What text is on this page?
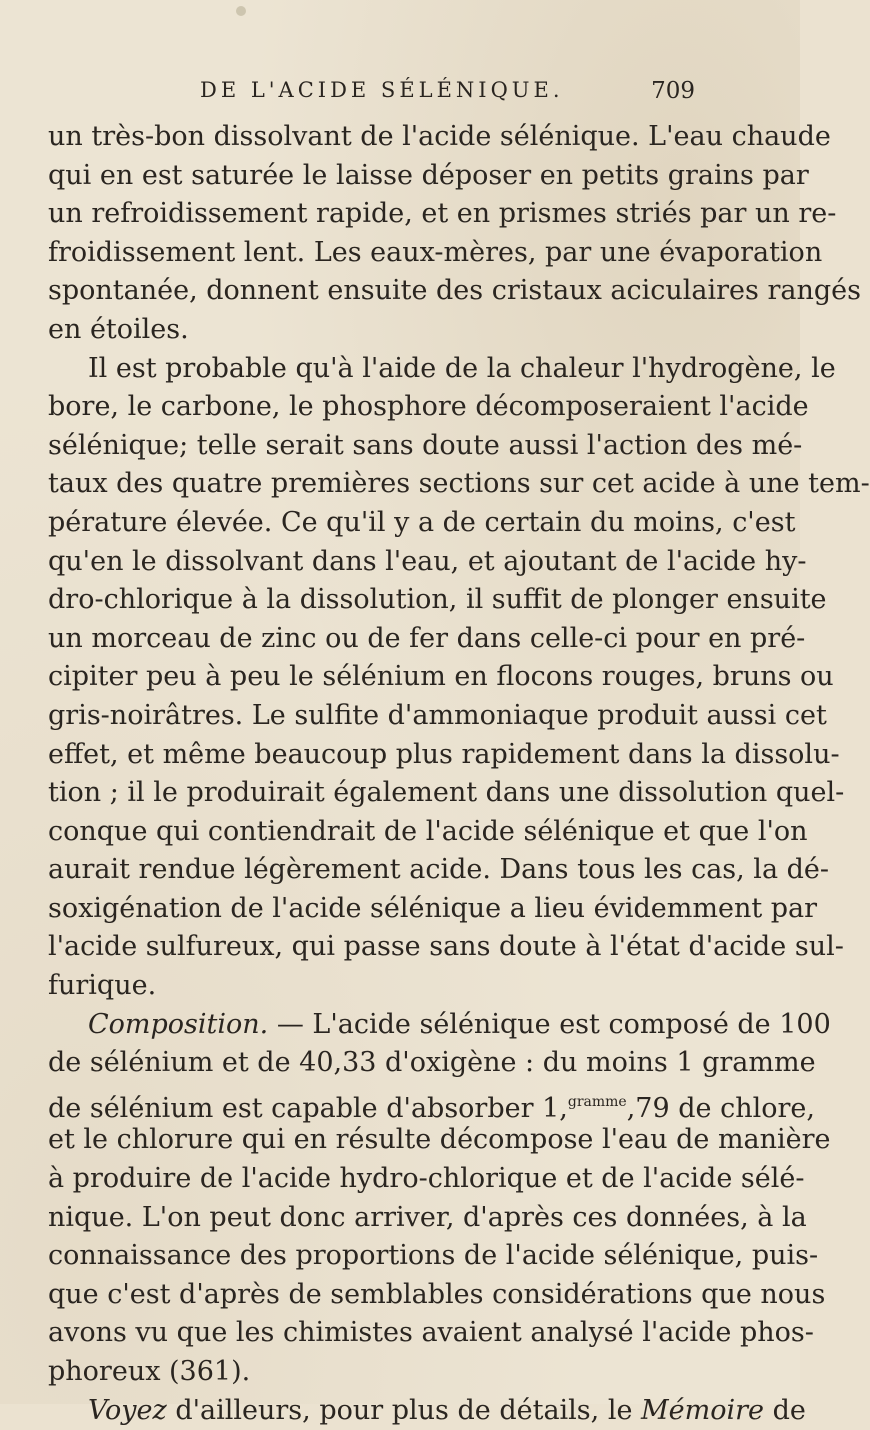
DE L'ACIDE SÉLÉNIQUE.	709
un très-bon dissolvant de l'acide sélénique. L'eau chaude
qui en est saturée le laisse déposer en petits grains par
un refroidissement rapide, et en prismes striés par un re-
froidissement lent. Les eaux-mères, par une évaporation
spontanée, donnent ensuite des cristaux aciculaires rangés
en étoiles.
Il est probable qu'à l'aide de la chaleur l'hydrogène, le
bore, le carbone, le phosphore décomposeraient l'acide
sélénique; telle serait sans doute aussi l'action des mé-
taux des quatre premières sections sur cet acide à une tem-
pérature élevée. Ce qu'il y a de certain du moins, c'est
qu'en le dissolvant dans l'eau, et ajoutant de l'acide hy-
dro-chlorique à la dissolution, il suffit de plonger ensuite
un morceau de zinc ou de fer dans celle-ci pour en pré-
cipiter peu à peu le sélénium en flocons rouges, bruns ou
gris-noirâtres. Le sulfite d'ammoniaque produit aussi cet
effet, et même beaucoup plus rapidement dans la dissolu-
tion ; il le produirait également dans une dissolution quel-
conque qui contiendrait de l'acide sélénique et que l'on
aurait rendue légèrement acide. Dans tous les cas, la dé-
soxigénation de l'acide sélénique a lieu évidemment par
l'acide sulfureux, qui passe sans doute à l'état d'acide sul-
furique.
Composition. — L'acide sélénique est composé de 100
de sélénium et de 40,33 d'oxigène : du moins 1 gramme
de sélénium est capable d'absorber 1,$^{gramme}$,79 de chlore,
et le chlorure qui en résulte décompose l'eau de manière
à produire de l'acide hydro-chlorique et de l'acide sélé-
nique. L'on peut donc arriver, d'après ces données, à la
connaissance des proportions de l'acide sélénique, puis-
que c'est d'après de semblables considérations que nous
avons vu que les chimistes avaient analysé l'acide phos-
phoreux (361).
Voyez d'ailleurs, pour plus de détails, le Mémoire de
